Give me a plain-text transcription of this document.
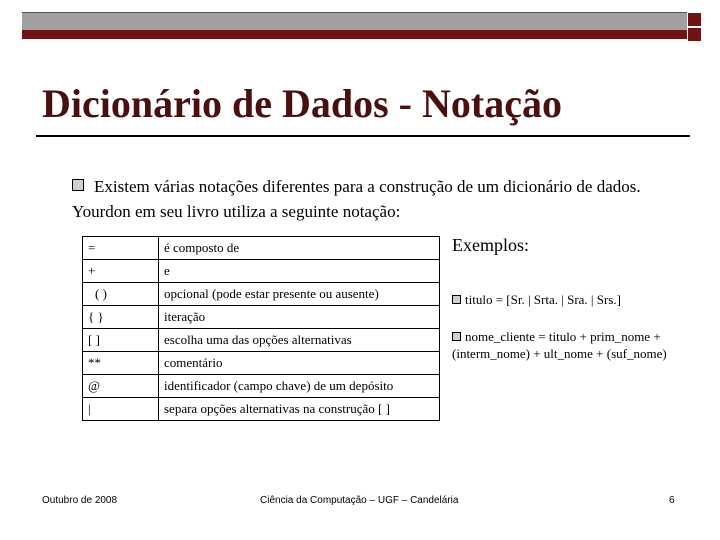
Dicionário de Dados - Notação
Existem várias notações diferentes para a construção de um dicionário de dados. Yourdon em seu livro utiliza a seguinte notação:
=	é composto de
+	e
( )	opcional (pode estar presente ou ausente)
{ }	iteração
[ ]	escolha uma das opções alternativas
**	comentário
@	identificador (campo chave) de um depósito
|	separa opções alternativas na construção [ ]
Exemplos:
titulo = [Sr. | Srta. | Sra. | Srs.]
nome_cliente = titulo + prim_nome + (interm_nome) + ult_nome + (suf_nome)
Outubro de 2008	Ciência da Computação – UGF – Candelária	6
